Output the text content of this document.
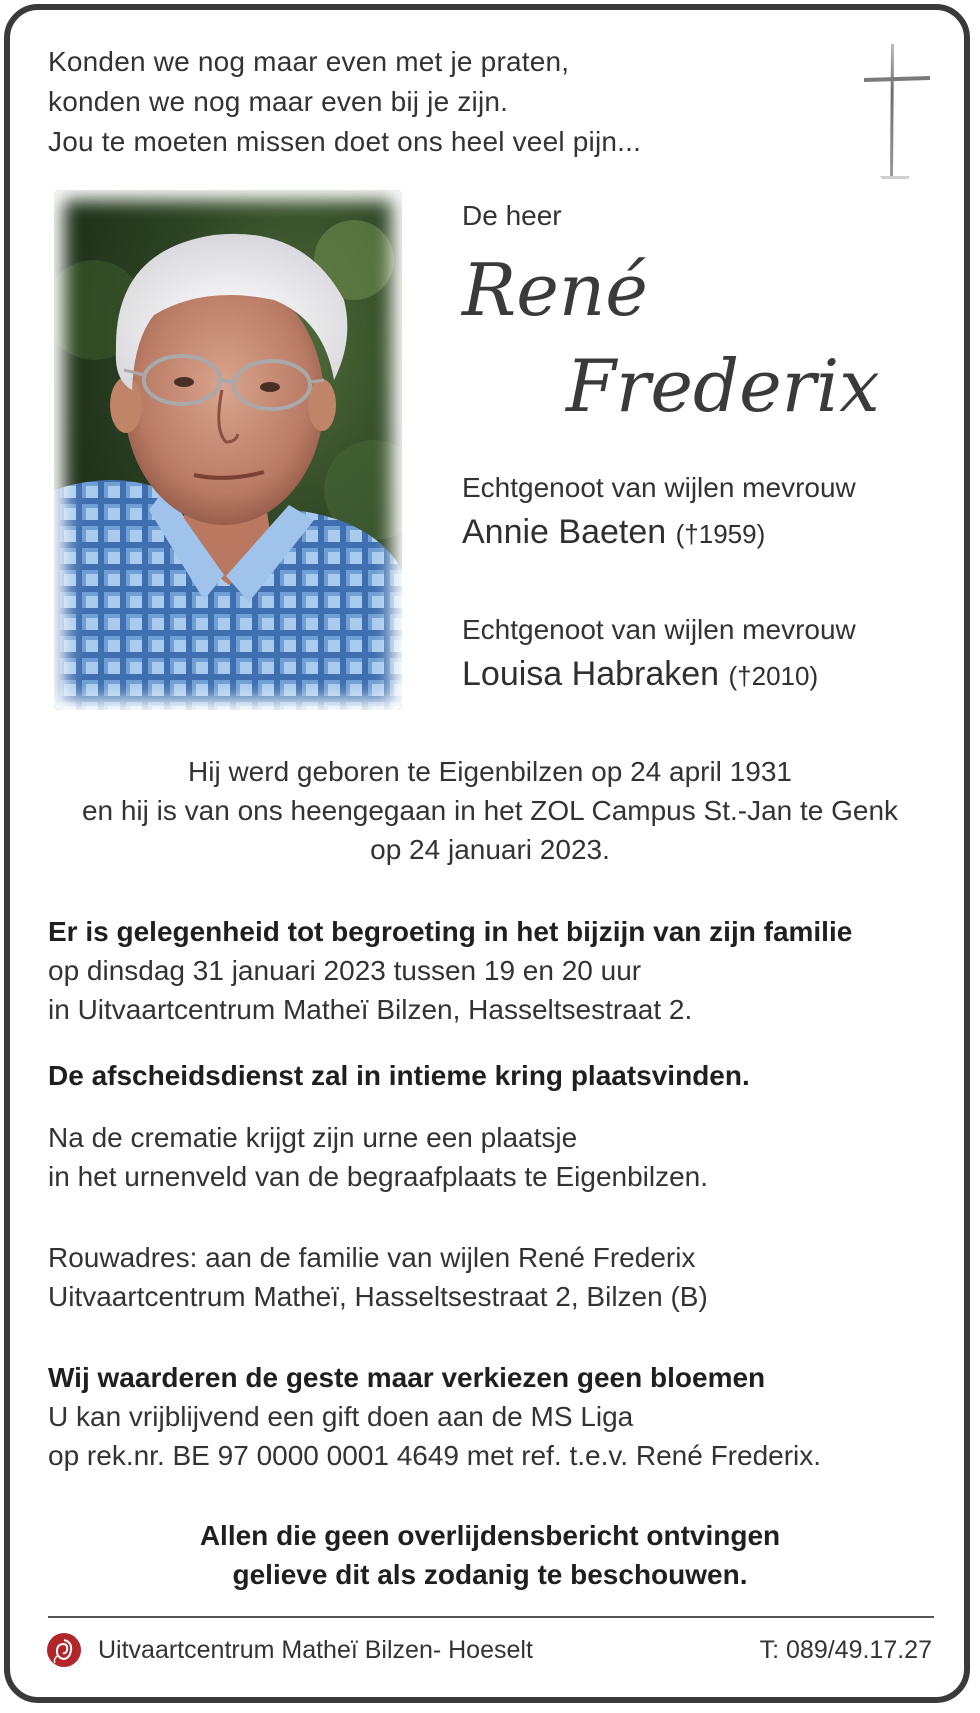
Konden we nog maar even met je praten,
konden we nog maar even bij je zijn.
Jou te moeten missen doet ons heel veel pijn...
De heer
René
Frederix
Echtgenoot van wijlen mevrouw
Annie Baeten (†1959)
Echtgenoot van wijlen mevrouw
Louisa Habraken (†2010)
Hij werd geboren te Eigenbilzen op 24 april 1931
en hij is van ons heengegaan in het ZOL Campus St.-Jan te Genk
op 24 januari 2023.
Er is gelegenheid tot begroeting in het bijzijn van zijn familie
op dinsdag 31 januari 2023 tussen 19 en 20 uur
in Uitvaartcentrum Matheï Bilzen, Hasseltsestraat 2.
De afscheidsdienst zal in intieme kring plaatsvinden.
Na de crematie krijgt zijn urne een plaatsje
in het urnenveld van de begraafplaats te Eigenbilzen.
Rouwadres: aan de familie van wijlen René Frederix
Uitvaartcentrum Matheï, Hasseltsestraat 2, Bilzen (B)
Wij waarderen de geste maar verkiezen geen bloemen
U kan vrijblijvend een gift doen aan de MS Liga
op rek.nr. BE 97 0000 0001 4649 met ref. t.e.v. René Frederix.
Allen die geen overlijdensbericht ontvingen
gelieve dit als zodanig te beschouwen.
Uitvaartcentrum Matheï Bilzen- Hoeselt	T: 089/49.17.27
